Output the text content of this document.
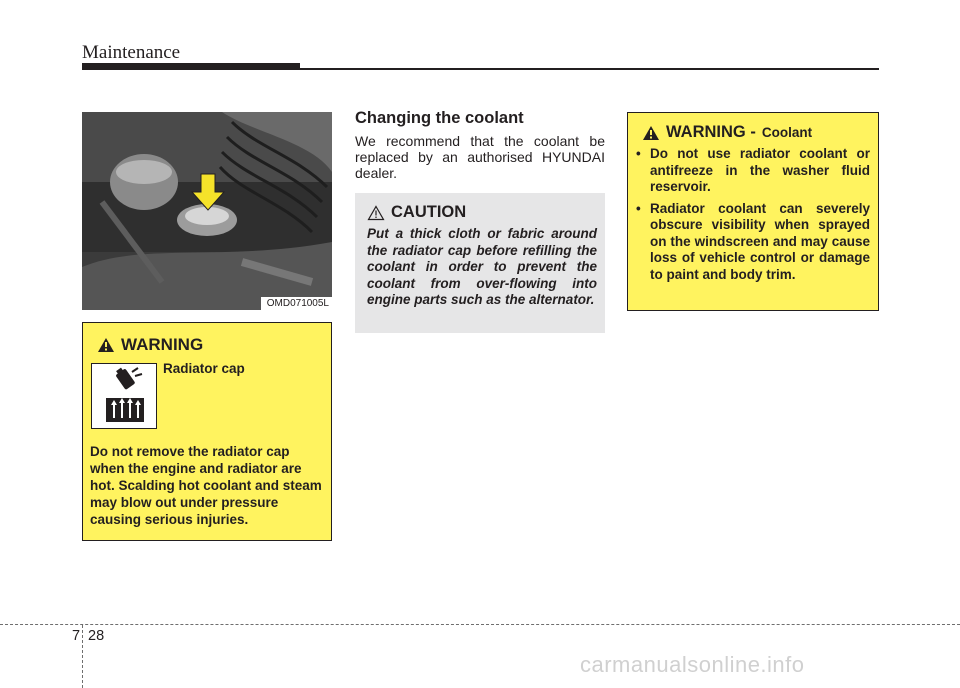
Maintenance
OMD071005L
WARNING
Radiator cap
Do not remove the radiator cap when the engine and radiator are hot. Scalding hot coolant and steam may blow out under pressure causing serious injuries.
Changing the coolant
We recommend that the coolant be replaced by an authorised HYUNDAI dealer.
CAUTION
Put a thick cloth or fabric around the radiator cap before refilling the coolant in order to prevent the coolant from over-flowing into engine parts such as the alternator.
WARNING - Coolant
• Do not use radiator coolant or antifreeze in the washer fluid reservoir.
• Radiator coolant can severely obscure visibility when sprayed on the windscreen and may cause loss of vehicle control or damage to paint and body trim.
7 28
carmanualsonline.info
